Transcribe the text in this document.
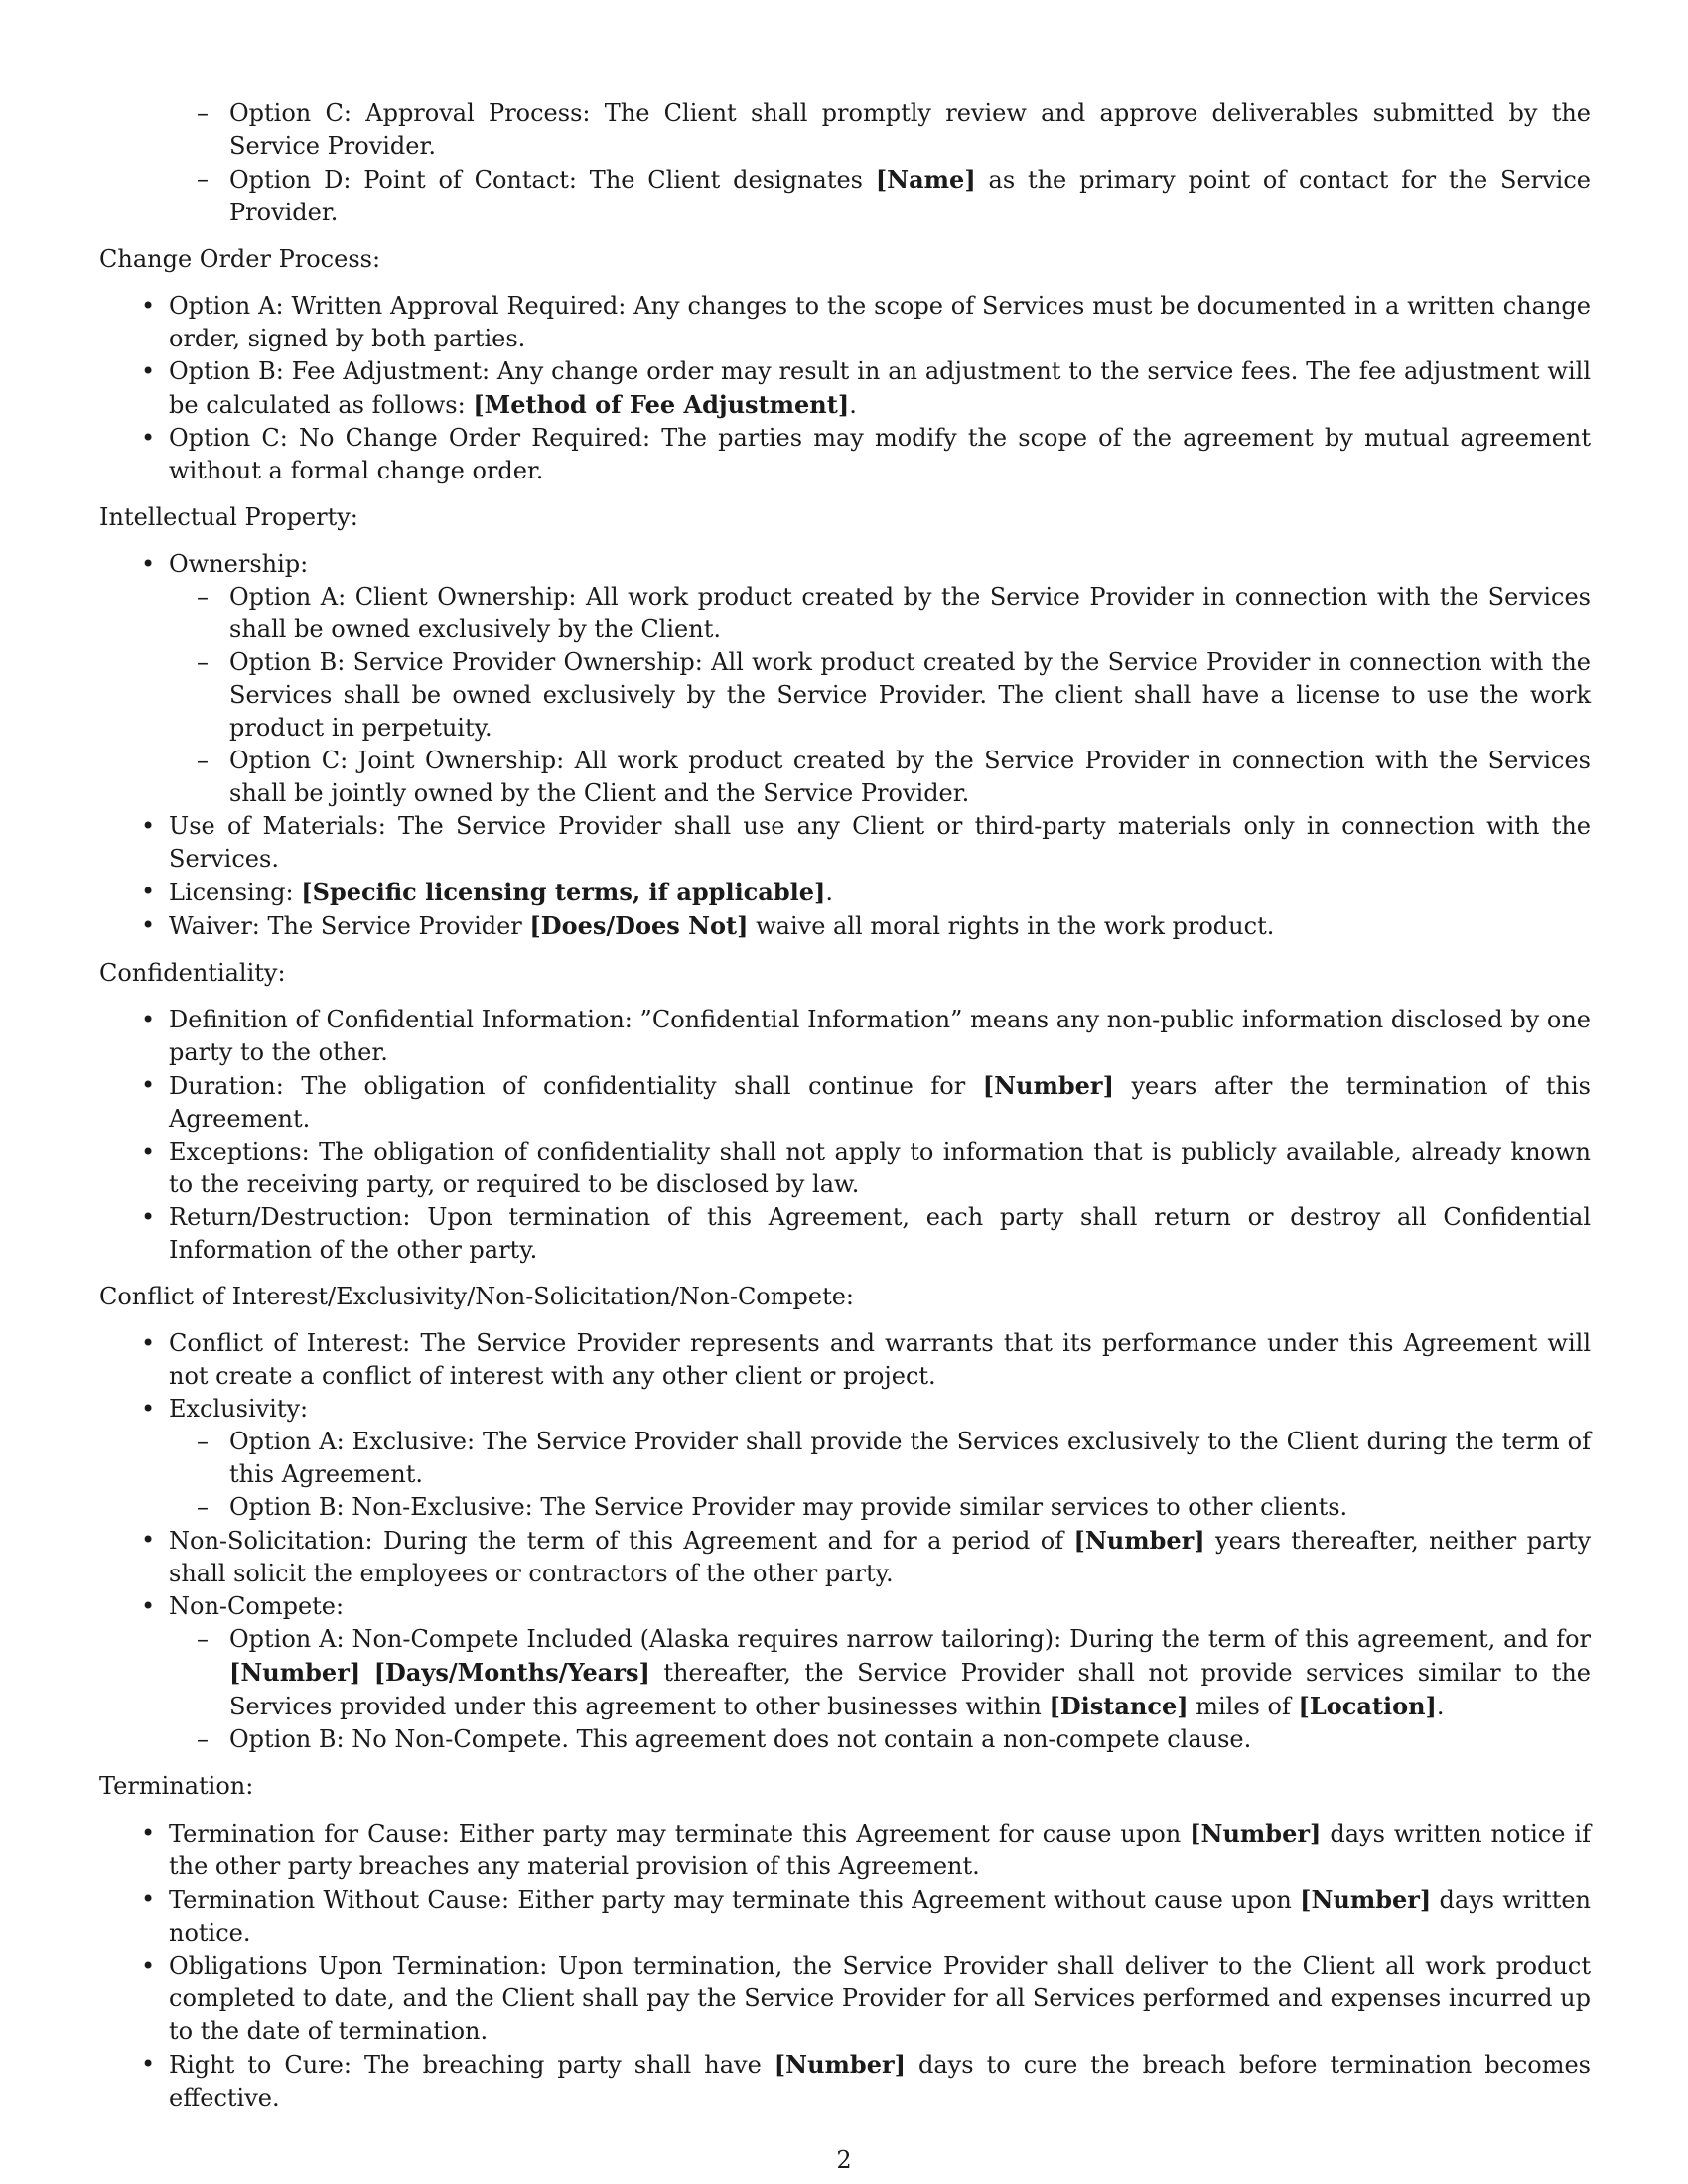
– Option C: Approval Process: The Client shall promptly review and approve deliverables submitted by the Service Provider.
– Option D: Point of Contact: The Client designates [Name] as the primary point of contact for the Service Provider.
Change Order Process:
• Option A: Written Approval Required: Any changes to the scope of Services must be documented in a written change order, signed by both parties.
• Option B: Fee Adjustment: Any change order may result in an adjustment to the service fees. The fee adjustment will be calculated as follows: [Method of Fee Adjustment].
• Option C: No Change Order Required: The parties may modify the scope of the agreement by mutual agreement without a formal change order.
Intellectual Property:
• Ownership:
– Option A: Client Ownership: All work product created by the Service Provider in connection with the Services shall be owned exclusively by the Client.
– Option B: Service Provider Ownership: All work product created by the Service Provider in connection with the Services shall be owned exclusively by the Service Provider. The client shall have a license to use the work product in perpetuity.
– Option C: Joint Ownership: All work product created by the Service Provider in connection with the Services shall be jointly owned by the Client and the Service Provider.
• Use of Materials: The Service Provider shall use any Client or third-party materials only in connection with the Services.
• Licensing: [Specific licensing terms, if applicable].
• Waiver: The Service Provider [Does/Does Not] waive all moral rights in the work product.
Confidentiality:
• Definition of Confidential Information: ”Confidential Information” means any non-public information disclosed by one party to the other.
• Duration: The obligation of confidentiality shall continue for [Number] years after the termination of this Agreement.
• Exceptions: The obligation of confidentiality shall not apply to information that is publicly available, already known to the receiving party, or required to be disclosed by law.
• Return/Destruction: Upon termination of this Agreement, each party shall return or destroy all Confidential Information of the other party.
Conflict of Interest/Exclusivity/Non-Solicitation/Non-Compete:
• Conflict of Interest: The Service Provider represents and warrants that its performance under this Agreement will not create a conflict of interest with any other client or project.
• Exclusivity:
– Option A: Exclusive: The Service Provider shall provide the Services exclusively to the Client during the term of this Agreement.
– Option B: Non-Exclusive: The Service Provider may provide similar services to other clients.
• Non-Solicitation: During the term of this Agreement and for a period of [Number] years thereafter, neither party shall solicit the employees or contractors of the other party.
• Non-Compete:
– Option A: Non-Compete Included (Alaska requires narrow tailoring): During the term of this agreement, and for [Number] [Days/Months/Years] thereafter, the Service Provider shall not provide services similar to the Services provided under this agreement to other businesses within [Distance] miles of [Location].
– Option B: No Non-Compete. This agreement does not contain a non-compete clause.
Termination:
• Termination for Cause: Either party may terminate this Agreement for cause upon [Number] days written notice if the other party breaches any material provision of this Agreement.
• Termination Without Cause: Either party may terminate this Agreement without cause upon [Number] days written notice.
• Obligations Upon Termination: Upon termination, the Service Provider shall deliver to the Client all work product completed to date, and the Client shall pay the Service Provider for all Services performed and expenses incurred up to the date of termination.
• Right to Cure: The breaching party shall have [Number] days to cure the breach before termination becomes effective.
2
